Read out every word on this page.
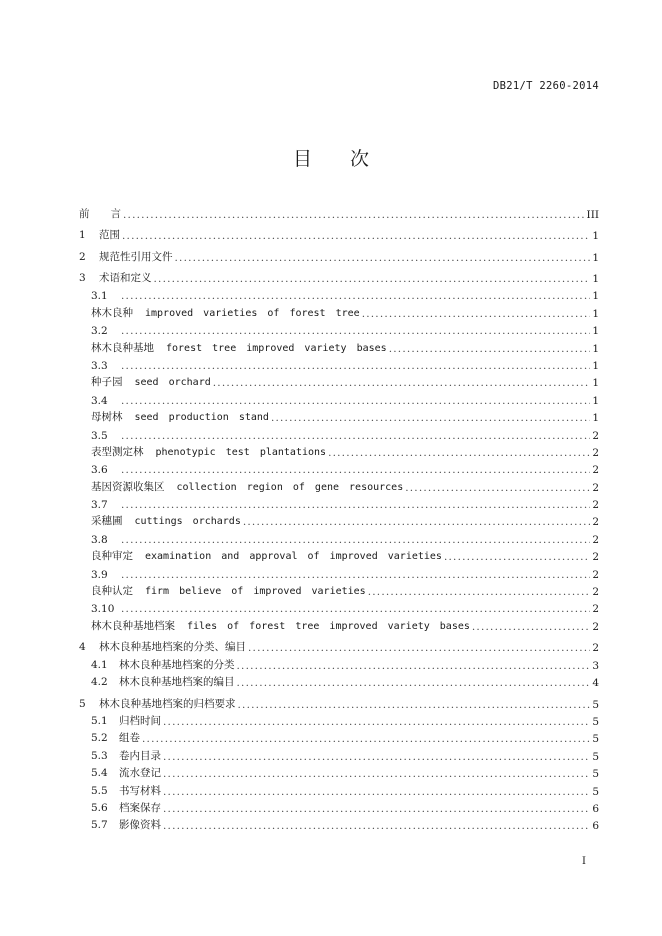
DB21/T 2260-2014
目 次
前　　言 .....	III
1 范围 .....	1
2 规范性引用文件 .....	1
3 术语和定义 .....	1
3.1 .....	1
林木良种 improved varieties of forest tree .....	1
3.2 .....	1
林木良种基地 forest tree improved variety bases .....	1
3.3 .....	1
种子园 seed orchard .....	1
3.4 .....	1
母树林 seed production stand .....	1
3.5 .....	2
表型测定林 phenotypic test plantations .....	2
3.6 .....	2
基因资源收集区 collection region of gene resources .....	2
3.7 .....	2
采穗圃 cuttings orchards .....	2
3.8 .....	2
良种审定 examination and approval of improved varieties .....	2
3.9 .....	2
良种认定 firm believe of improved varieties .....	2
3.10 .....	2
林木良种基地档案 files of forest tree improved variety bases .....	2
4 林木良种基地档案的分类、编目 .....	2
4.1 林木良种基地档案的分类 .....	3
4.2 林木良种基地档案的编目 .....	4
5 林木良种基地档案的归档要求 .....	5
5.1 归档时间 .....	5
5.2 组卷 .....	5
5.3 卷内目录 .....	5
5.4 流水登记 .....	5
5.5 书写材料 .....	5
5.6 档案保存 .....	6
5.7 影像资料 .....	6
I
